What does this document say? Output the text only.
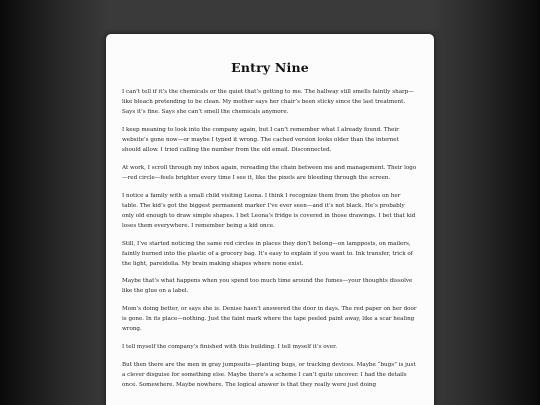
Entry Nine

I can’t tell if it’s the chemicals or the quiet that’s getting to me. The hallway still smells faintly sharp—like bleach pretending to be clean. My mother says her chair’s been sticky since the last treatment. Says it’s fine. Says she can’t smell the chemicals anymore.

I keep meaning to look into the company again, but I can’t remember what I already found. Their website’s gone now—or maybe I typed it wrong. The cached version looks older than the internet should allow. I tried calling the number from the old email. Disconnected.

At work, I scroll through my inbox again, rereading the chain between me and management. Their logo—red circle—feels brighter every time I see it, like the pixels are bleeding through the screen.

I notice a family with a small child visiting Leona. I think I recognize them from the photos on her table. The kid’s got the biggest permanent marker I’ve ever seen—and it’s not black. He’s probably only old enough to draw simple shapes. I bet Leona’s fridge is covered in those drawings. I bet that kid loses them everywhere. I remember being a kid once.

Still, I’ve started noticing the same red circles in places they don’t belong—on lampposts, on mailers, faintly burned into the plastic of a grocery bag. It’s easy to explain if you want to. Ink transfer, trick of the light, pareidolia. My brain making shapes where none exist.

Maybe that’s what happens when you spend too much time around the fumes—your thoughts dissolve like the glue on a label.

Mom’s doing better, or says she is. Denise hasn’t answered the door in days. The red paper on her door is gone. In its place—nothing. Just the faint mark where the tape peeled paint away, like a scar healing wrong.

I tell myself the company’s finished with this building. I tell myself it’s over.

But then there are the men in gray jumpsuits—planting bugs, or tracking devices. Maybe “bugs” is just a clever disguise for something else. Maybe there’s a scheme I can’t quite uncover. I had the details once. Somewhere. Maybe nowhere. The logical answer is that they really were just doing
